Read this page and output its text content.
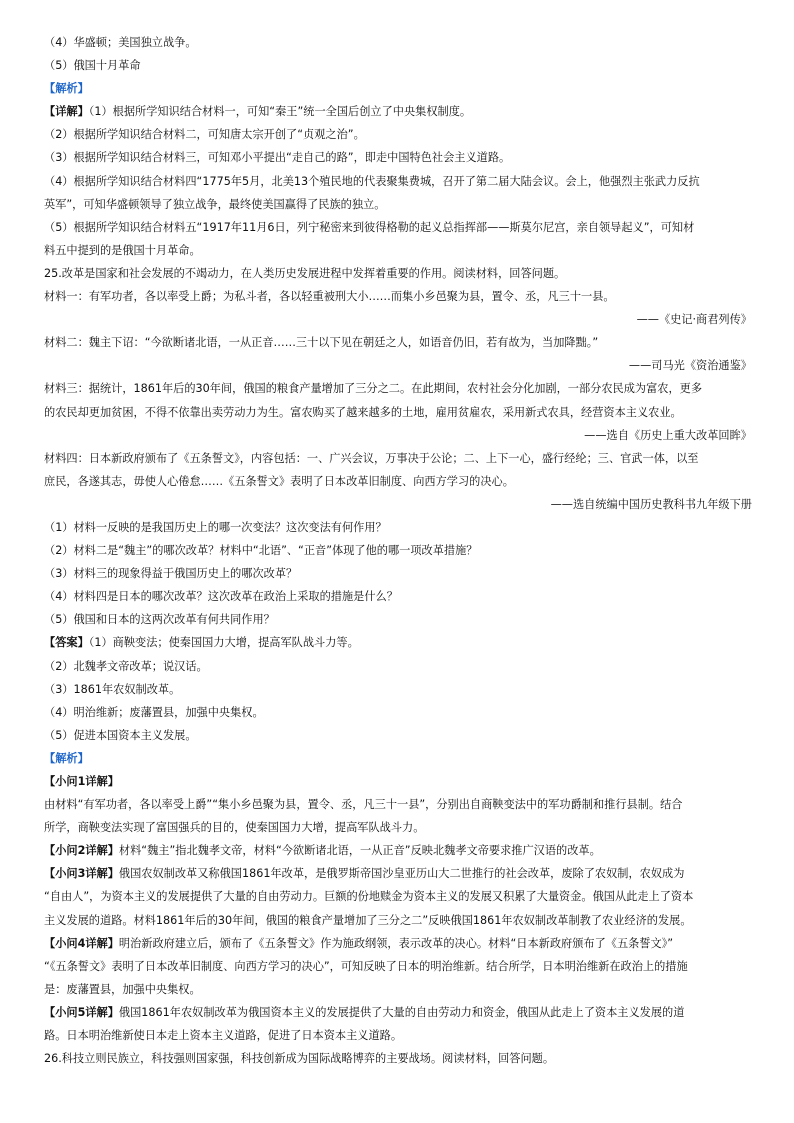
（4）华盛顿；美国独立战争。
（5）俄国十月革命
【解析】
【详解】（1）根据所学知识结合材料一，可知“秦王”统一全国后创立了中央集权制度。
（2）根据所学知识结合材料二，可知唐太宗开创了“贞观之治”。
（3）根据所学知识结合材料三，可知邓小平提出“走自己的路”，即走中国特色社会主义道路。
（4）根据所学知识结合材料四“1775年5月，北美13个殖民地的代表聚集费城，召开了第二届大陆会议。会上，他强烈主张武力反抗
英军”，可知华盛顿领导了独立战争，最终使美国赢得了民族的独立。
（5）根据所学知识结合材料五“1917年11月6日，列宁秘密来到彼得格勒的起义总指挥部——斯莫尔尼宫，亲自领导起义”，可知材
料五中提到的是俄国十月革命。
25.改革是国家和社会发展的不竭动力，在人类历史发展进程中发挥着重要的作用。阅读材料，回答问题。
材料一：有军功者，各以率受上爵；为私斗者，各以轻重被刑大小……而集小乡邑聚为县，置令、丞，凡三十一县。
——《史记·商君列传》
材料二：魏主下诏：“今欲断诸北语，一从正音……三十以下见在朝廷之人，如语音仍旧，若有故为，当加降黜。”
——司马光《资治通鉴》
材料三：据统计，1861年后的30年间，俄国的粮食产量增加了三分之二。在此期间，农村社会分化加剧，一部分农民成为富农，更多
的农民却更加贫困，不得不依靠出卖劳动力为生。富农购买了越来越多的土地，雇用贫雇农，采用新式农具，经营资本主义农业。
——选自《历史上重大改革回眸》
材料四：日本新政府颁布了《五条誓文》，内容包括：一、广兴会议，万事决于公论；二、上下一心，盛行经纶；三、官武一体，以至
庶民，各遂其志，毋使人心倦怠……《五条誓文》表明了日本改革旧制度、向西方学习的决心。
——选自统编中国历史教科书九年级下册
（1）材料一反映的是我国历史上的哪一次变法？这次变法有何作用？
（2）材料二是“魏主”的哪次改革？材料中“北语”、“正音”体现了他的哪一项改革措施？
（3）材料三的现象得益于俄国历史上的哪次改革？
（4）材料四是日本的哪次改革？这次改革在政治上采取的措施是什么？
（5）俄国和日本的这两次改革有何共同作用？
【答案】（1）商鞅变法；使秦国国力大增，提高军队战斗力等。
（2）北魏孝文帝改革；说汉话。
（3）1861年农奴制改革。
（4）明治维新；废藩置县，加强中央集权。
（5）促进本国资本主义发展。
【解析】
【小问1详解】
由材料“有军功者，各以率受上爵”“集小乡邑聚为县，置令、丞，凡三十一县”，分别出自商鞅变法中的军功爵制和推行县制。结合
所学，商鞅变法实现了富国强兵的目的，使秦国国力大增，提高军队战斗力。
【小问2详解】材料“魏主”指北魏孝文帝，材料“今欲断诸北语，一从正音”反映北魏孝文帝要求推广汉语的改革。
【小问3详解】俄国农奴制改革又称俄国1861年改革，是俄罗斯帝国沙皇亚历山大二世推行的社会改革，废除了农奴制，农奴成为
“自由人”，为资本主义的发展提供了大量的自由劳动力。巨额的份地赎金为资本主义的发展又积累了大量资金。俄国从此走上了资本
主义发展的道路。材料1861年后的30年间，俄国的粮食产量增加了三分之二”反映俄国1861年农奴制改革制教了农业经济的发展。
【小问4详解】明治新政府建立后，颁布了《五条誓文》作为施政纲领，表示改革的决心。材料“日本新政府颁布了《五条誓文》”
“《五条誓文》表明了日本改革旧制度、向西方学习的决心”，可知反映了日本的明治维新。结合所学，日本明治维新在政治上的措施
是：废藩置县，加强中央集权。
【小问5详解】俄国1861年农奴制改革为俄国资本主义的发展提供了大量的自由劳动力和资金，俄国从此走上了资本主义发展的道
路。日本明治维新使日本走上资本主义道路，促进了日本资本主义道路。
26.科技立则民族立，科技强则国家强，科技创新成为国际战略博弈的主要战场。阅读材料，回答问题。
